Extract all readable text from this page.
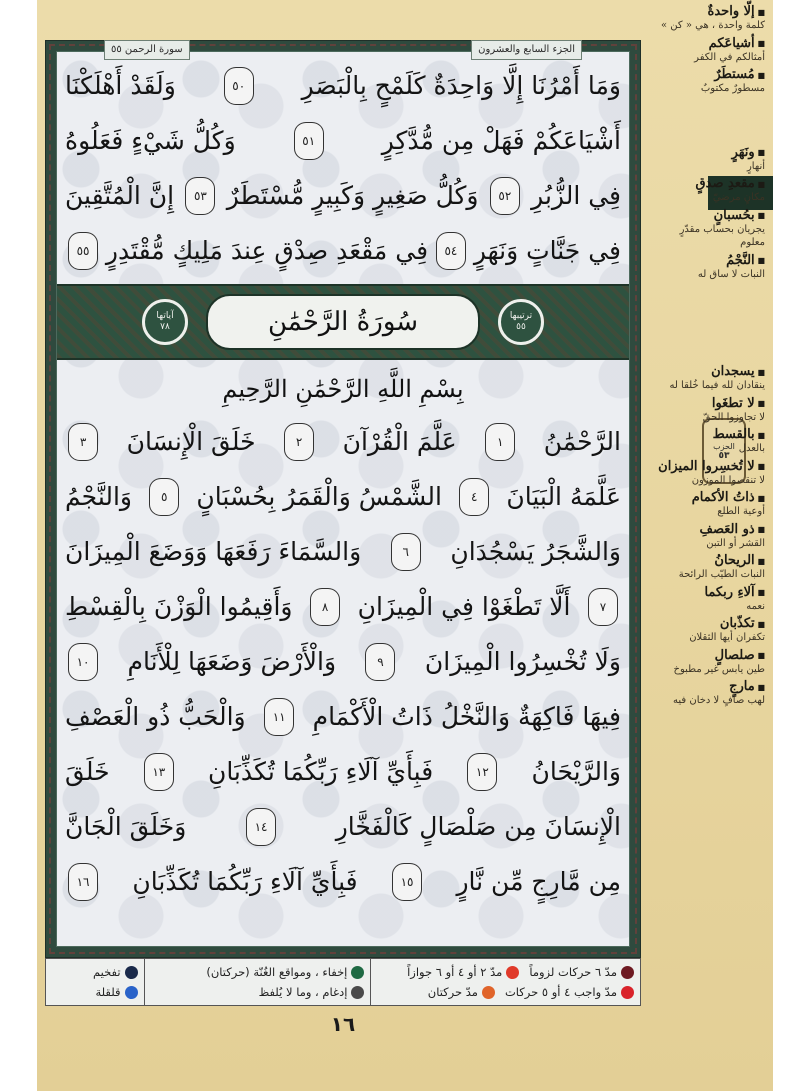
وَمَا أَمْرُنَا إِلَّا وَاحِدَةٌ كَلَمْحٍ بِالْبَصَرِ
٥٠
وَلَقَدْ أَهْلَكْنَا
أَشْيَاعَكُمْ فَهَلْ مِن مُّدَّكِرٍ
٥١
وَكُلُّ شَيْءٍ فَعَلُوهُ
فِي الزُّبُرِ
٥٢
وَكُلُّ صَغِيرٍ وَكَبِيرٍ مُّسْتَطَرٌ
٥٣
إِنَّ الْمُتَّقِينَ
فِي جَنَّاتٍ وَنَهَرٍ
٥٤
فِي مَقْعَدِ صِدْقٍ عِندَ مَلِيكٍ مُّقْتَدِرٍ
٥٥
ترتيبها
٥٥
سُورَةُ الرَّحْمَٰنِ
آياتها
٧٨
بِسْمِ اللَّهِ الرَّحْمَٰنِ الرَّحِيمِ
الرَّحْمَٰنُ
١
عَلَّمَ الْقُرْآنَ
٢
خَلَقَ الْإِنسَانَ
٣
عَلَّمَهُ الْبَيَانَ
٤
الشَّمْسُ وَالْقَمَرُ بِحُسْبَانٍ
٥
وَالنَّجْمُ
وَالشَّجَرُ يَسْجُدَانِ
٦
وَالسَّمَاءَ رَفَعَهَا وَوَضَعَ الْمِيزَانَ
٧
أَلَّا تَطْغَوْا فِي الْمِيزَانِ
٨
وَأَقِيمُوا الْوَزْنَ بِالْقِسْطِ
وَلَا تُخْسِرُوا الْمِيزَانَ
٩
وَالْأَرْضَ وَضَعَهَا لِلْأَنَامِ
١٠
فِيهَا فَاكِهَةٌ وَالنَّخْلُ ذَاتُ الْأَكْمَامِ
١١
وَالْحَبُّ ذُو الْعَصْفِ
وَالرَّيْحَانُ
١٢
فَبِأَيِّ آلَاءِ رَبِّكُمَا تُكَذِّبَانِ
١٣
خَلَقَ
الْإِنسَانَ مِن صَلْصَالٍ كَالْفَخَّارِ
١٤
وَخَلَقَ الْجَانَّ
مِن مَّارِجٍ مِّن نَّارٍ
١٥
فَبِأَيِّ آلَاءِ رَبِّكُمَا تُكَذِّبَانِ
١٦
سورة الرحمن ٥٥	الجزء السابع والعشرون
مدّ ٦ حركات لزوماً
مدّ ٢ أو ٤ أو ٦ جوازاً
مدّ واجب ٤ أو ٥ حركات
مدّ حركتان
إخفاء ، ومواقع الغُنّة (حركتان)
إدغام ، وما لا يُلفظ
تفخيم
قلقلة
١٦
الحزب
٥٣
■ إلّا واحدةٌ
كلمة واحدة ، هي « كن »
■ أشياعَكم
أمثالكم في الكفر
■ مُستطَرٌ
مسطورٌ مكتوبٌ
■ ونَهَرٍ
أنهارٍ
■ مقعدِ صدقٍ
مكانٍ مرضيّ
■ بحُسبانٍ
يجريان بحساب مقدّرٍ معلوم
■ النَّجْمُ
النبات لا ساق له
■ يسجدان
ينقادان لله فيما خُلقا له
■ لا تطغَوا
لا تجاوزوا الحقّ
■ بالقسط
بالعدل
■ لا تُخسِروا الميزان
لا تنقصوا الموزون
■ ذاتُ الأكمام
أوعية الطلع
■ ذو العَصفِ
القشر أو التبن
■ الريحانُ
النبات الطيّب الرائحة
■ آلاءِ ربكما
نعمه
■ تكذّبان
تكفران أيها الثقلان
■ صلصالٍ
طين يابس غير مطبوخ
■ مارجٍ
لهب صافٍ لا دخان فيه
